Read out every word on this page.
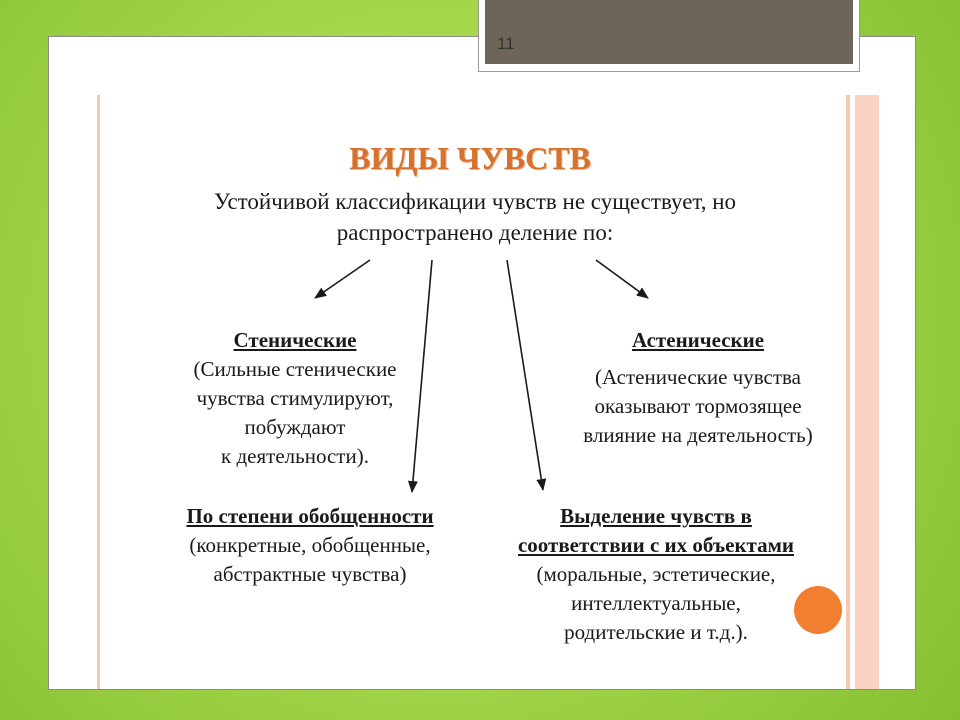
11
ВИДЫ ЧУВСТВ
Устойчивой классификации чувств не существует, но
распространено деление по:
Стенические
(Сильные стенические
чувства стимулируют,
побуждают
к деятельности).
Астенические
(Астенические чувства
оказывают тормозящее
влияние на деятельность)
По степени обобщенности
(конкретные, обобщенные,
абстрактные чувства)
Выделение чувств в
соответствии с их объектами
(моральные, эстетические,
интеллектуальные,
родительские и т.д.).
